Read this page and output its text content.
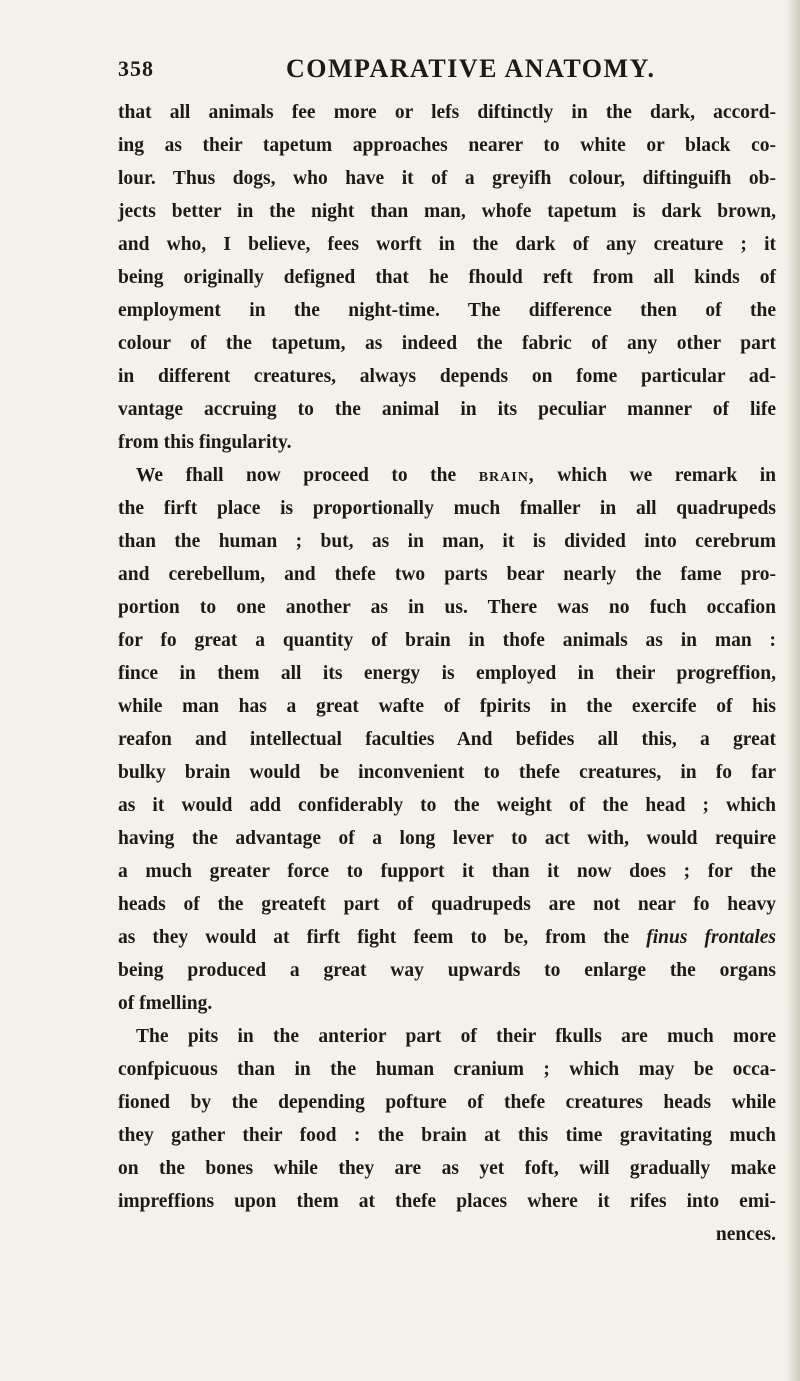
358	COMPARATIVE ANATOMY.
that all animals fee more or lefs diftinctly in the dark, accord-
ing as their tapetum approaches nearer to white or black co-
lour. Thus dogs, who have it of a greyifh colour, diftinguifh ob-
jects better in the night than man, whofe tapetum is dark brown,
and who, I believe, fees worft in the dark of any creature ; it
being originally defigned that he fhould reft from all kinds of
employment in the night-time. The difference then of the
colour of the tapetum, as indeed the fabric of any other part
in different creatures, always depends on fome particular ad-
vantage accruing to the animal in its peculiar manner of life
from this fingularity.
We fhall now proceed to the brain, which we remark in
the firft place is proportionally much fmaller in all quadrupeds
than the human ; but, as in man, it is divided into cerebrum
and cerebellum, and thefe two parts bear nearly the fame pro-
portion to one another as in us. There was no fuch occafion
for fo great a quantity of brain in thofe animals as in man :
fince in them all its energy is employed in their progreffion,
while man has a great wafte of fpirits in the exercife of his
reafon and intellectual faculties And befides all this, a great
bulky brain would be inconvenient to thefe creatures, in fo far
as it would add confiderably to the weight of the head ; which
having the advantage of a long lever to act with, would require
a much greater force to fupport it than it now does ; for the
heads of the greateft part of quadrupeds are not near fo heavy
as they would at firft fight feem to be, from the finus frontales
being produced a great way upwards to enlarge the organs
of fmelling.
The pits in the anterior part of their fkulls are much more
confpicuous than in the human cranium ; which may be occa-
fioned by the depending pofture of thefe creatures heads while
they gather their food : the brain at this time gravitating much
on the bones while they are as yet foft, will gradually make
impreffions upon them at thefe places where it rifes into emi-
nences.
